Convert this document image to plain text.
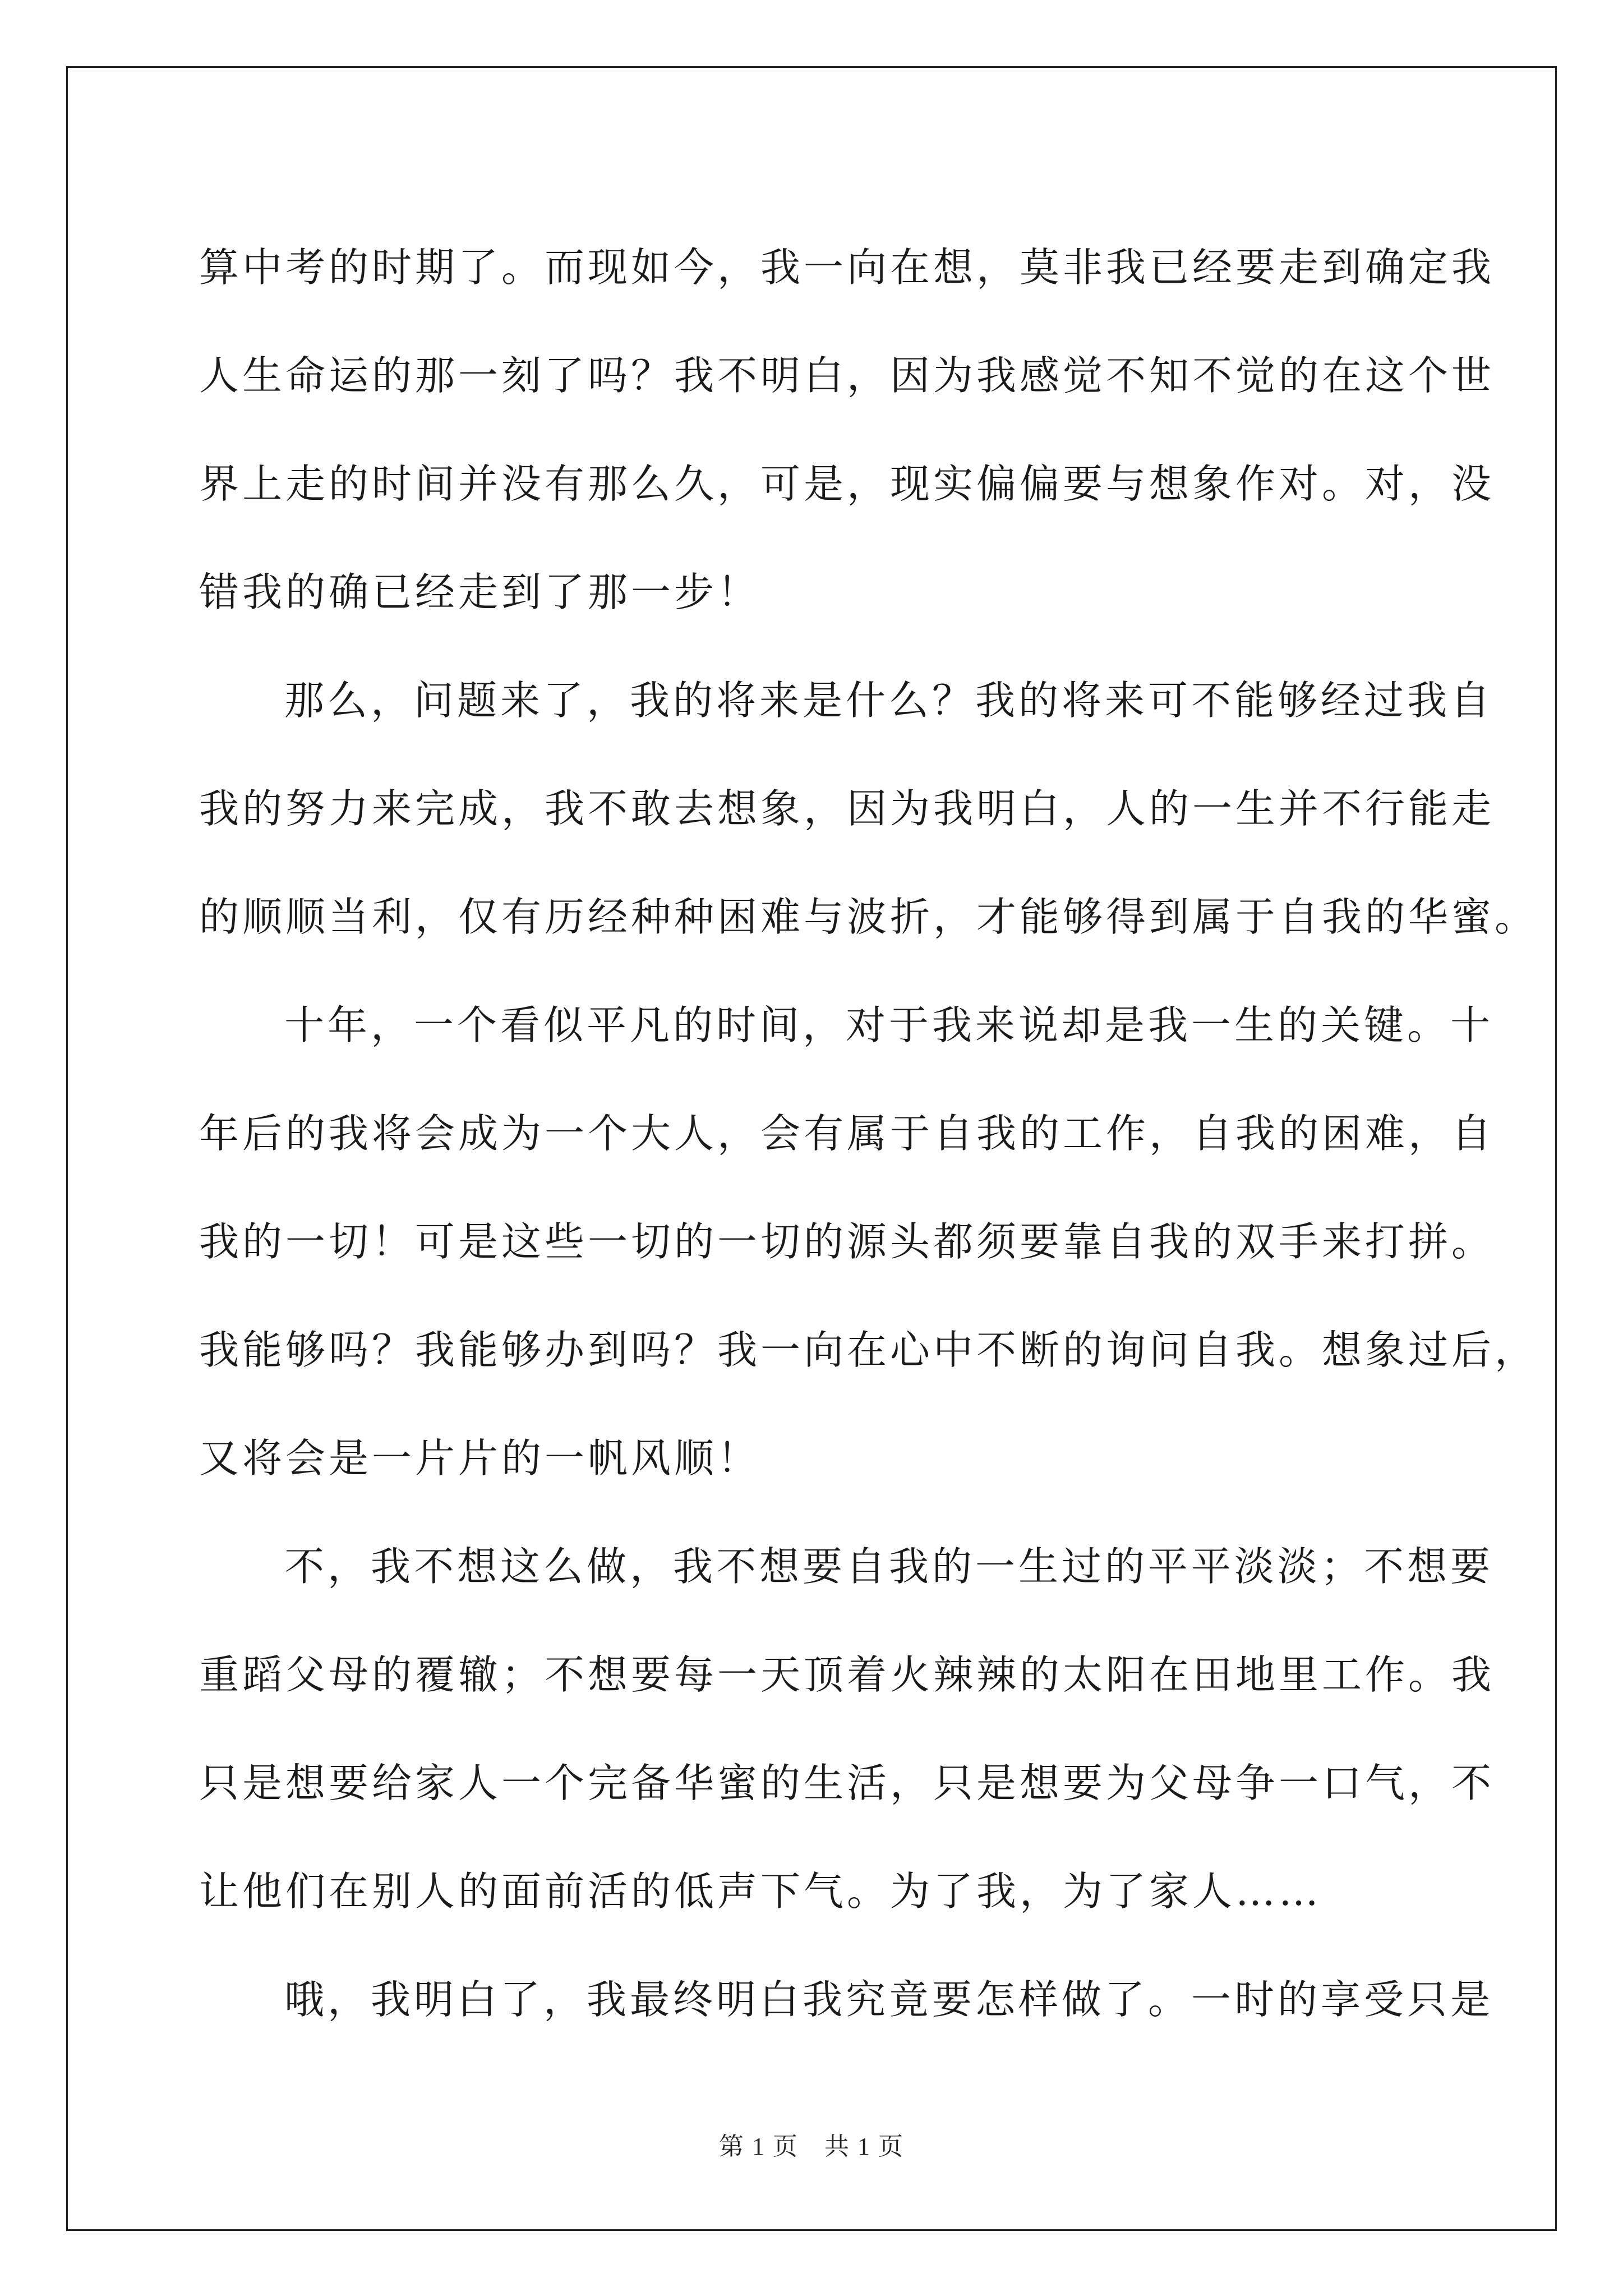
算中考的时期了。而现如今，我一向在想，莫非我已经要走到确定我
人生命运的那一刻了吗？我不明白，因为我感觉不知不觉的在这个世
界上走的时间并没有那么久，可是，现实偏偏要与想象作对。对，没
错我的确已经走到了那一步！
那么，问题来了，我的将来是什么？我的将来可不能够经过我自
我的努力来完成，我不敢去想象，因为我明白，人的一生并不行能走
的顺顺当利，仅有历经种种困难与波折，才能够得到属于自我的华蜜。
十年，一个看似平凡的时间，对于我来说却是我一生的关键。十
年后的我将会成为一个大人，会有属于自我的工作，自我的困难，自
我的一切！可是这些一切的一切的源头都须要靠自我的双手来打拼。
我能够吗？我能够办到吗？我一向在心中不断的询问自我。想象过后，
又将会是一片片的一帆风顺！
不，我不想这么做，我不想要自我的一生过的平平淡淡；不想要
重蹈父母的覆辙；不想要每一天顶着火辣辣的太阳在田地里工作。我
只是想要给家人一个完备华蜜的生活，只是想要为父母争一口气，不
让他们在别人的面前活的低声下气。为了我，为了家人……
哦，我明白了，我最终明白我究竟要怎样做了。一时的享受只是
第 1 页　共 1 页
